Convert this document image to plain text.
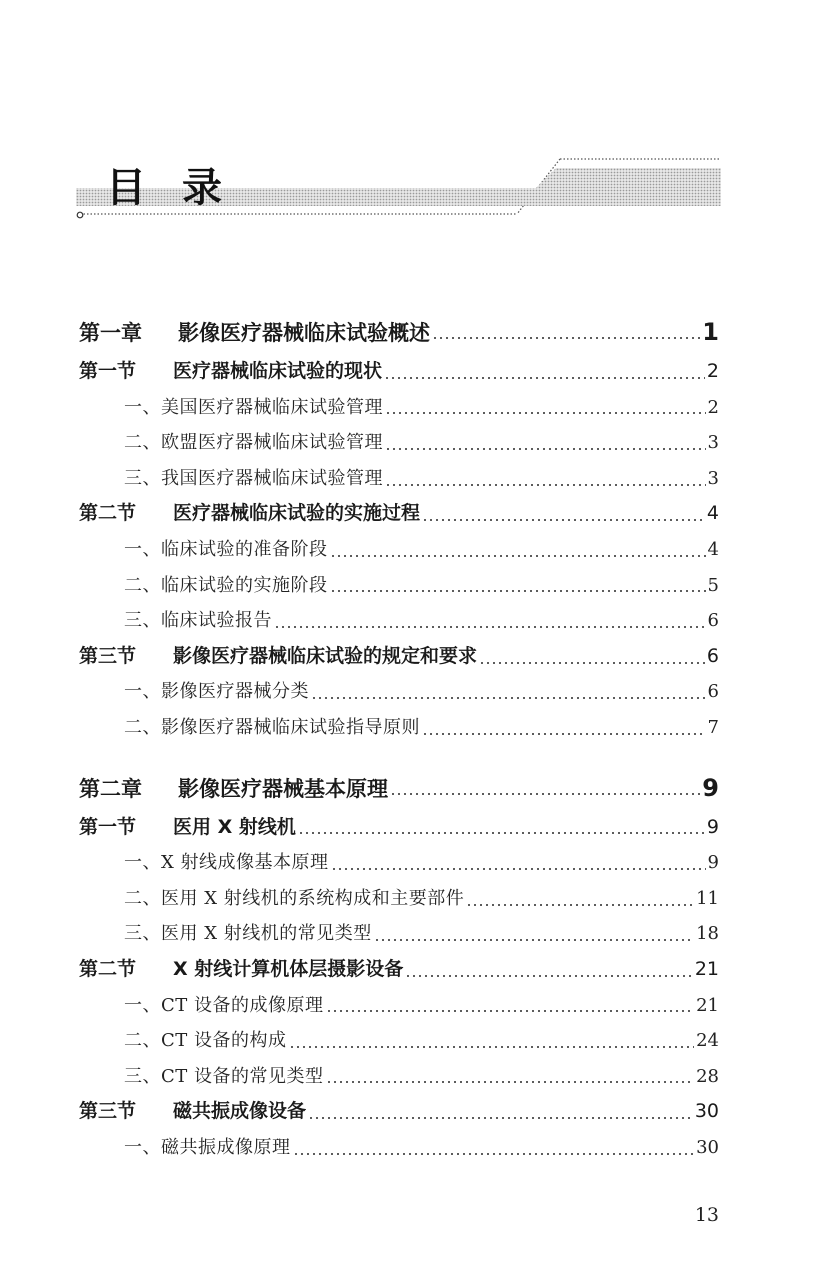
目录
第一章	影像医疗器械临床试验概述	1
第一节	医疗器械临床试验的现状	2
一、美国医疗器械临床试验管理	2
二、欧盟医疗器械临床试验管理	3
三、我国医疗器械临床试验管理	3
第二节	医疗器械临床试验的实施过程	4
一、临床试验的准备阶段	4
二、临床试验的实施阶段	5
三、临床试验报告	6
第三节	影像医疗器械临床试验的规定和要求	6
一、影像医疗器械分类	6
二、影像医疗器械临床试验指导原则	7
第二章	影像医疗器械基本原理	9
第一节	医用 X 射线机	9
一、X 射线成像基本原理	9
二、医用 X 射线机的系统构成和主要部件	11
三、医用 X 射线机的常见类型	18
第二节	X 射线计算机体层摄影设备	21
一、CT 设备的成像原理	21
二、CT 设备的构成	24
三、CT 设备的常见类型	28
第三节	磁共振成像设备	30
一、磁共振成像原理	30
13
